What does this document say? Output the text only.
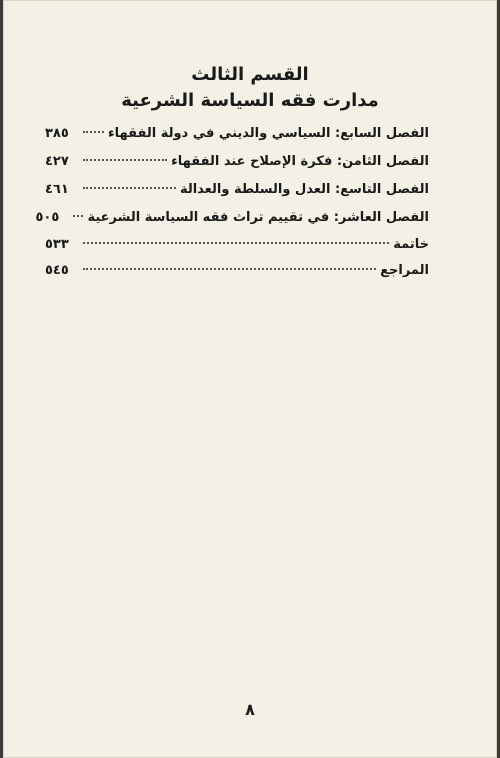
القسم الثالث
مدارت فقه السياسة الشرعية
الفصل السابع: السياسي والديني في دولة الفقهاء
٣٨٥
الفصل الثامن: فكرة الإصلاح عند الفقهاء
٤٢٧
الفصل التاسع: العدل والسلطة والعدالة
٤٦١
الفصل العاشر: في تقييم تراث فقه السياسة الشرعية
٥٠٥
خاتمة
٥٣٣
المراجع
٥٤٥
٨
